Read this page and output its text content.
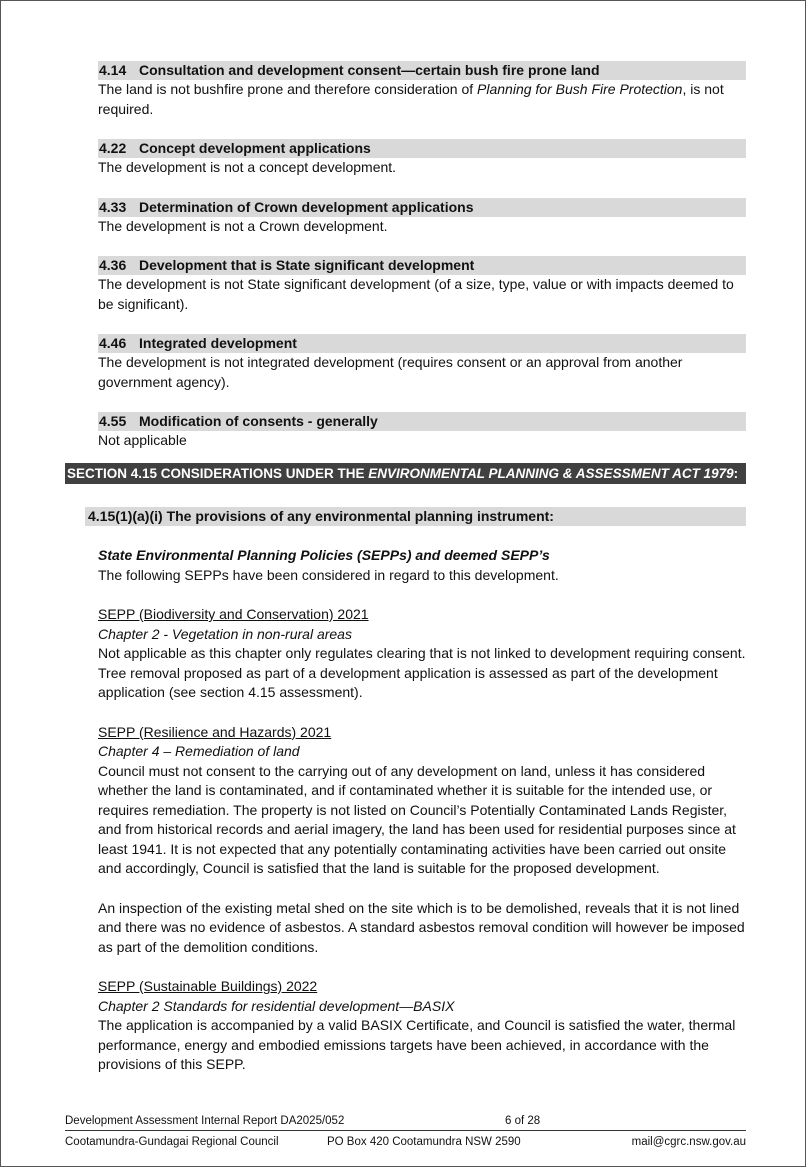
4.14 Consultation and development consent—certain bush fire prone land

The land is not bushfire prone and therefore consideration of Planning for Bush Fire Protection, is not required.

4.22 Concept development applications

The development is not a concept development.

4.33 Determination of Crown development applications

The development is not a Crown development.

4.36 Development that is State significant development

The development is not State significant development (of a size, type, value or with impacts deemed to be significant).

4.46 Integrated development

The development is not integrated development (requires consent or an approval from another government agency).

4.55 Modification of consents - generally

Not applicable

SECTION 4.15 CONSIDERATIONS UNDER THE ENVIRONMENTAL PLANNING & ASSESSMENT ACT 1979:
4.15(1)(a)(i) The provisions of any environmental planning instrument:

State Environmental Planning Policies (SEPPs) and deemed SEPP’s

The following SEPPs have been considered in regard to this development.

SEPP (Biodiversity and Conservation) 2021

Chapter 2 - Vegetation in non-rural areas

Not applicable as this chapter only regulates clearing that is not linked to development requiring consent. Tree removal proposed as part of a development application is assessed as part of the development application (see section 4.15 assessment).

SEPP (Resilience and Hazards) 2021

Chapter 4 – Remediation of land

Council must not consent to the carrying out of any development on land, unless it has considered whether the land is contaminated, and if contaminated whether it is suitable for the intended use, or requires remediation. The property is not listed on Council’s Potentially Contaminated Lands Register, and from historical records and aerial imagery, the land has been used for residential purposes since at least 1941. It is not expected that any potentially contaminating activities have been carried out onsite and accordingly, Council is satisfied that the land is suitable for the proposed development.

An inspection of the existing metal shed on the site which is to be demolished, reveals that it is not lined and there was no evidence of asbestos. A standard asbestos removal condition will however be imposed as part of the demolition conditions.

SEPP (Sustainable Buildings) 2022

Chapter 2 Standards for residential development—BASIX

The application is accompanied by a valid BASIX Certificate, and Council is satisfied the water, thermal performance, energy and embodied emissions targets have been achieved, in accordance with the provisions of this SEPP.

Development Assessment Internal Report DA2025/052	6 of 28
Cootamundra-Gundagai Regional Council	PO Box 420 Cootamundra NSW 2590	mail@cgrc.nsw.gov.au
